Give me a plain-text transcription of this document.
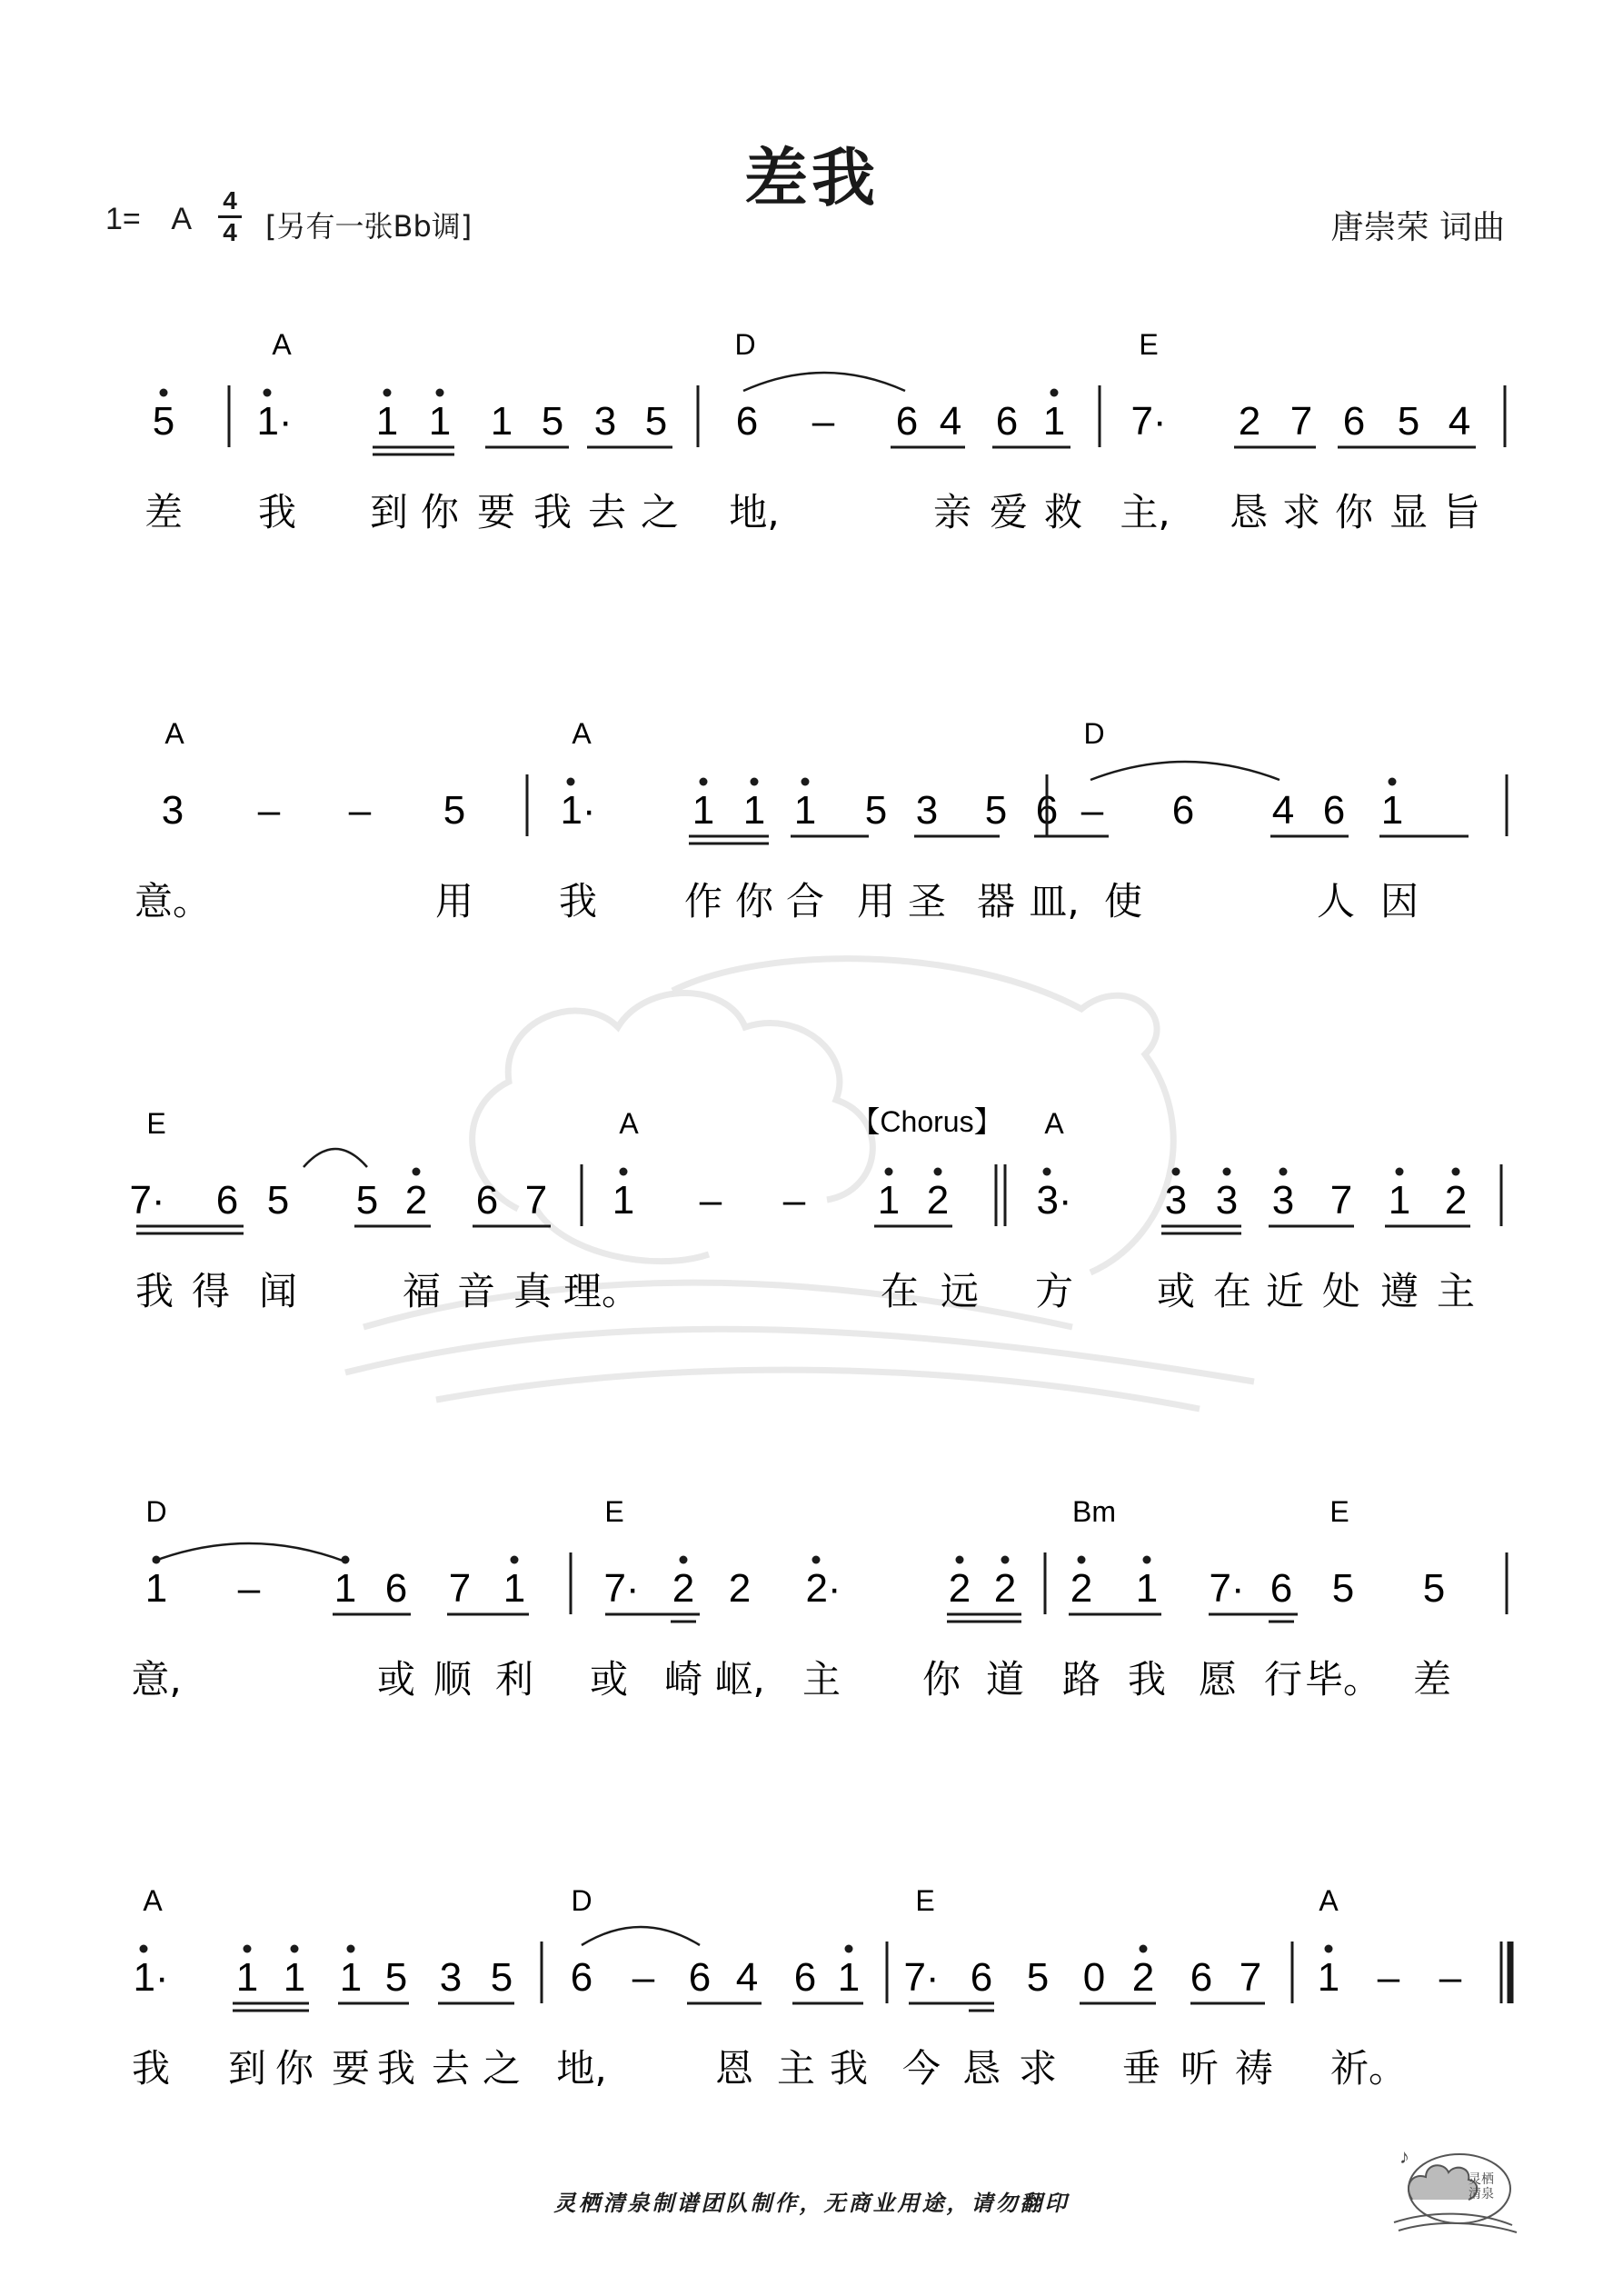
差我
1= A
4
4 [另有一张Bb调]	唐崇荣 词曲
A	D	E
5 1· 1 1 1 5 3 5 6 – 6 4 6 1 7· 2 7 6 5 4
差 我 到 你 要 我 去 之 地,	亲 爱 救 主, 恳 求 你 显 旨
A	A	D
3 – – 5 1· 1 1 1 5 3 5 6 – 6 4 6 1
意。	用 我 作 你 合 用 圣 器 皿, 使	人 因
E	A	A
7· 6 5 5 2 6 7 1 – – 1 2 3· 3 3 3 7 1 2
我 得 闻	福 音 真 理。	在 远 方 或 在 近 处 遵 主
D	E	Bm	E
1 – 1 6 7 1 7· 2 2 2·	2 2 2 1 7· 6 5 5
意,	或 顺 利 或 崎 岖, 主 你 道 路 我 愿 行 毕。 差
A	D	E	A
1· 1 1 1 5 3 5 6 – 6 4 6 1 7· 6 5 0 2 6 7 1 – –
我 到 你 要 我 去 之 地,	恩 主 我 今 恳 求 垂 听 祷 祈。
【Chorus】
灵栖清泉制谱团队制作，无商业用途，请勿翻印
♪
灵栖清泉
